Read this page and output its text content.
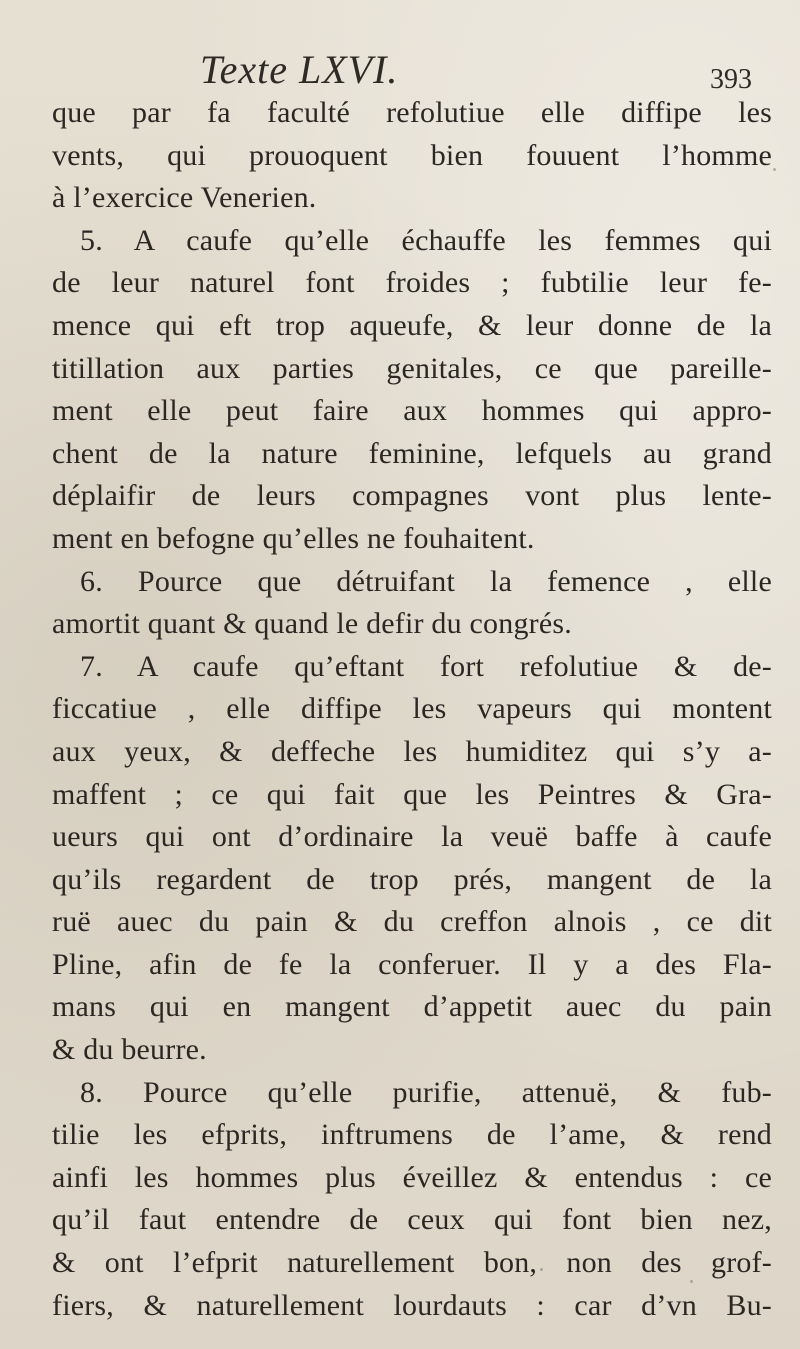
Texte LXVI.	393
que par fa faculté refolutiue elle diffipe les
vents, qui prouoquent bien fouuent l’homme
à l’exercice Venerien.
5. A caufe qu’elle échauffe les femmes qui
de leur naturel font froides ; fubtilie leur fe-
mence qui eft trop aqueufe, & leur donne de la
titillation aux parties genitales, ce que pareille-
ment elle peut faire aux hommes qui appro-
chent de la nature feminine, lefquels au grand
déplaifir de leurs compagnes vont plus lente-
ment en befogne qu’elles ne fouhaitent.
6. Pource que détruifant la femence , elle
amortit quant & quand le defir du congrés.
7. A caufe qu’eftant fort refolutiue & de-
ficcatiue , elle diffipe les vapeurs qui montent
aux yeux, & deffeche les humiditez qui s’y a-
maffent ; ce qui fait que les Peintres & Gra-
ueurs qui ont d’ordinaire la veuë baffe à caufe
qu’ils regardent de trop prés, mangent de la
ruë auec du pain & du creffon alnois , ce dit
Pline, afin de fe la conferuer. Il y a des Fla-
mans qui en mangent d’appetit auec du pain
& du beurre.
8. Pource qu’elle purifie, attenuë, & fub-
tilie les efprits, inftrumens de l’ame, & rend
ainfi les hommes plus éveillez & entendus : ce
qu’il faut entendre de ceux qui font bien nez,
& ont l’efprit naturellement bon, non des grof-
fiers, & naturellement lourdauts : car d’vn Bu-
